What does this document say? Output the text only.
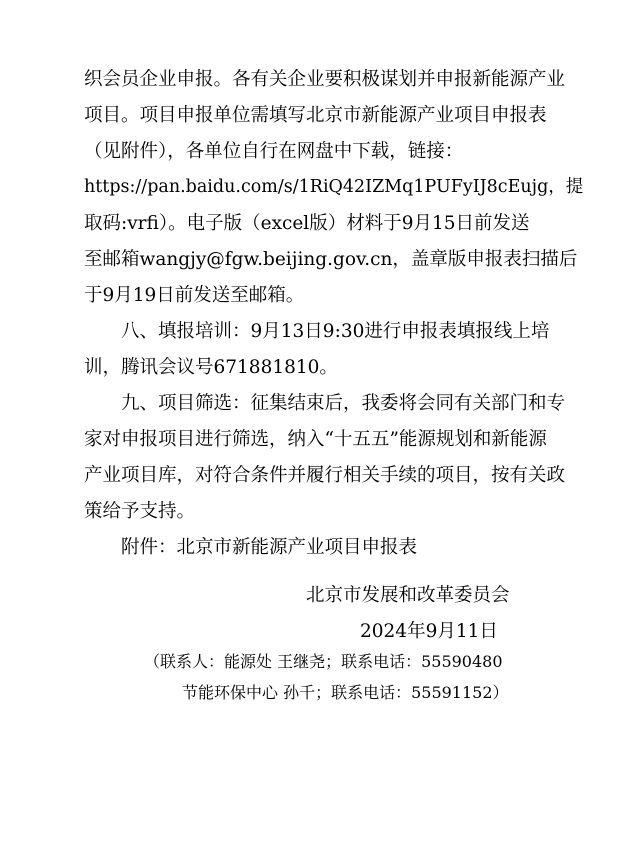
织会员企业申报。各有关企业要积极谋划并申报新能源产业
项目。项目申报单位需填写北京市新能源产业项目申报表
（见附件），各单位自行在网盘中下载，链接：
https://pan.baidu.com/s/1RiQ42IZMq1PUFyIJ8cEujg，提
取码:vrfi）。电子版（excel版）材料于9月15日前发送
至邮箱wangjy@fgw.beijing.gov.cn，盖章版申报表扫描后
于9月19日前发送至邮箱。
八、填报培训：9月13日9:30进行申报表填报线上培
训，腾讯会议号671881810。
九、项目筛选：征集结束后，我委将会同有关部门和专
家对申报项目进行筛选，纳入“十五五”能源规划和新能源
产业项目库，对符合条件并履行相关手续的项目，按有关政
策给予支持。
附件：北京市新能源产业项目申报表
北京市发展和改革委员会
2024年9月11日
（联系人：能源处 王继尧；联系电话：55590480
节能环保中心 孙千；联系电话：55591152）
